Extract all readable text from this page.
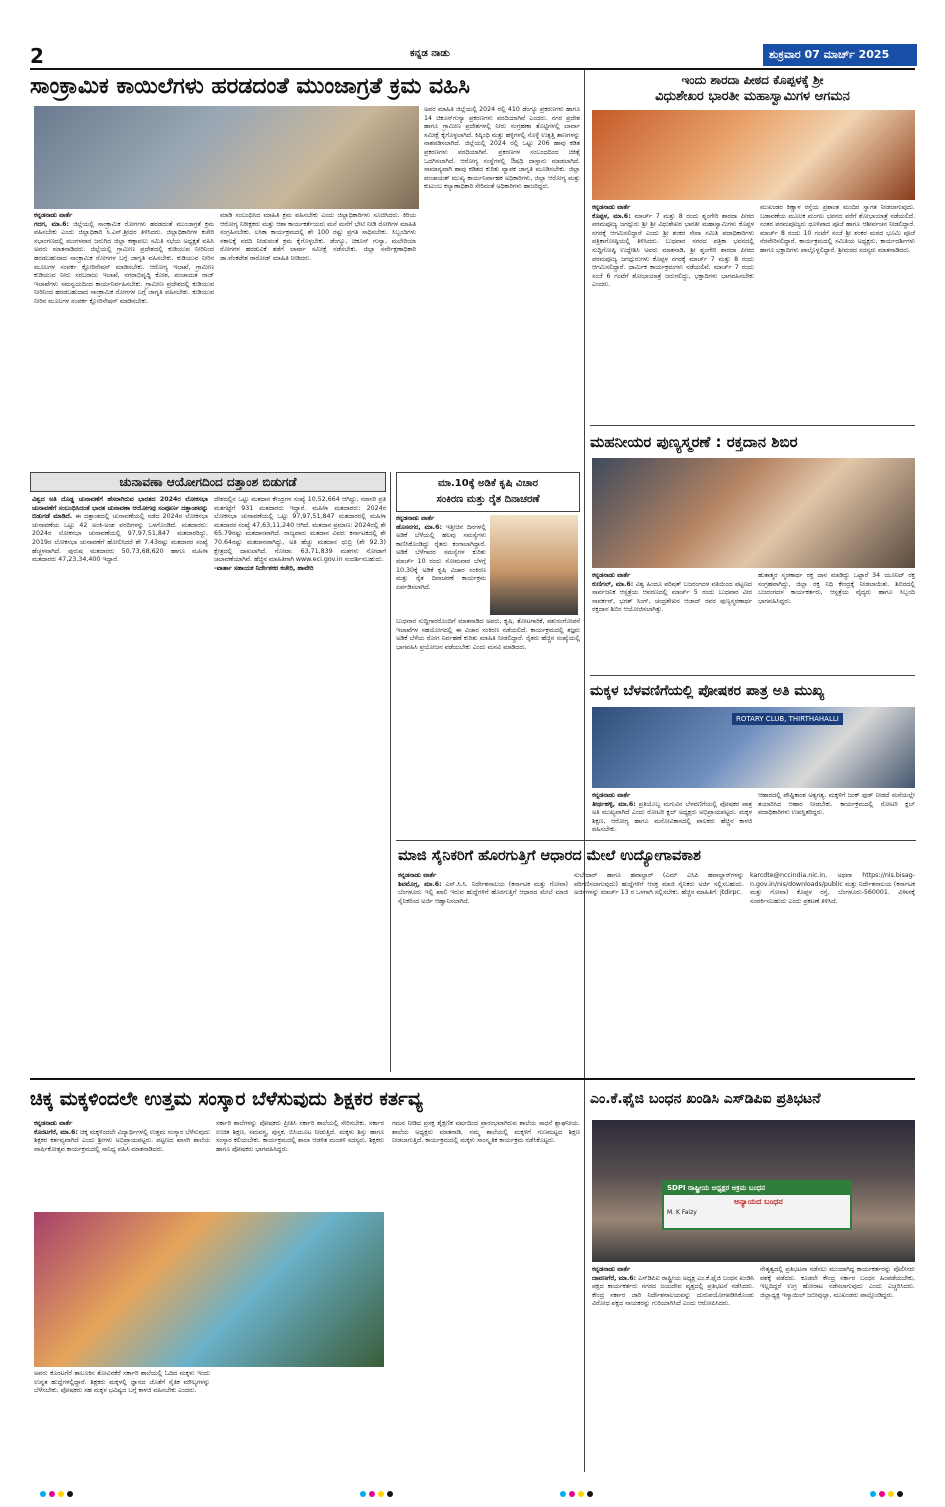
2	ಕನ್ನಡ ನಾಡು	ಶುಕ್ರವಾರ 07 ಮಾರ್ಚ್ 2025
ಸಾಂಕ್ರಾಮಿಕ ಕಾಯಿಲೆಗಳು ಹರಡದಂತೆ ಮುಂಜಾಗ್ರತೆ ಕ್ರಮ ವಹಿಸಿ
ಕನ್ನಡನಾಡು ವಾರ್ತೆ
ಗದಗ, ಮಾ.6: ಜಿಲ್ಲೆಯಲ್ಲಿ ಸಾಂಕ್ರಾಮಿಕ ರೋಗಗಳು ಹರಡದಂತೆ ಮುಂಜಾಗ್ರತೆ ಕ್ರಮ ವಹಿಸಬೇಕು ಎಂದು ಜಿಲ್ಲಾಧಿಕಾರಿ ಸಿ.ಎನ್.ಶ್ರೀಧರ ತಿಳಿಸಿದರು. ಜಿಲ್ಲಾಧಿಕಾರಿಗಳ ಕಚೇರಿ ಸಭಾಂಗಣದಲ್ಲಿ ಮಂಗಳವಾರ ಜರುಗಿದ ಜಿಲ್ಲಾ ಕಣ್ಗಾವಲು ಸಮಿತಿ ಸಭೆಯ ಅಧ್ಯಕ್ಷತೆ ವಹಿಸಿ ಅವರು ಮಾತನಾಡಿದರು. ಜಿಲ್ಲೆಯಲ್ಲಿ ಗ್ರಾಮೀಣ ಪ್ರದೇಶದಲ್ಲಿ ಕುಡಿಯುವ ನೀರಿನಿಂದ ಹರಡಬಹುದಾದ ಸಾಂಕ್ರಾಮಿಕ ರೋಗಗಳ ಬಗ್ಗೆ ಜಾಗೃತಿ ವಹಿಸಬೇಕು. ಕುಡಿಯುವ ನೀರಿನ ಮೂಲಗಳ ಸಂಪರ್ಕ ಕ್ಲೋರಿನೇಷನ್ ಮಾಡಿಸಬೇಕು. ಆರೋಗ್ಯ ಇಲಾಖೆ, ಗ್ರಾಮೀಣ ಕುಡಿಯುವ ನೀರು ಸರಬರಾಜು ಇಲಾಖೆ, ನಗರಾಭಿವೃದ್ಧಿ ಕೋಶ, ಪಂಚಾಯತ ರಾಜ್ ಇಲಾಖೆಗಳು ಸಮನ್ವಯದಿಂದ ಕಾರ್ಯನಿರ್ವಹಿಸಬೇಕು. ಗ್ರಾಮೀಣ ಪ್ರದೇಶದಲ್ಲಿ ಕುಡಿಯುವ ನೀರಿನಿಂದ ಹರಡಬಹುದಾದ ಸಾಂಕ್ರಾಮಿಕ ರೋಗಗಳ ಬಗ್ಗೆ ಜಾಗೃತಿ ವಹಿಸಬೇಕು. ಕುಡಿಯುವ ನೀರಿನ ಮೂಲಗಳ ಸಂಪರ್ಕ ಕ್ಲೋರಿನೇಷನ್ ಮಾಡಿಸಬೇಕು.
ಮಾಡಿ ಸಂಬಂಧಿಸಿದ ಮಾಹಿತಿ ಕ್ರಮ ವಹಿಸಬೇಕು ಎಂದು ಜಿಲ್ಲಾಧಿಕಾರಿಗಳು ಸೂಚಿಸಿದರು. ಕಿರಿಯ ಆರೋಗ್ಯ ನಿರೀಕ್ಷಕರು ಮತ್ತು ಆಶಾ ಕಾರ್ಯಕರ್ತೆಯರು ಮನೆ ಮನೆಗೆ ಭೇಟಿ ನೀಡಿ ರೋಗಿಗಳ ಮಾಹಿತಿ ಸಂಗ್ರಹಿಸಬೇಕು. ಲಸಿಕಾ ಕಾರ್ಯಕ್ರಮದಲ್ಲಿ ಶೇ 100 ರಷ್ಟು ಪ್ರಗತಿ ಸಾಧಿಸಬೇಕು. ಸಿಬ್ಬಂದಿಗಳು ಸಕಾಲಕ್ಕೆ ವರದಿ ನೀಡುವಂತೆ ಕ್ರಮ ಕೈಗೊಳ್ಳಬೇಕು. ಡೆಂಗ್ಯೂ, ಚಿಕೂನ್ ಗುನ್ಯಾ, ಮಲೇರಿಯಾ ರೋಗಗಳ ಹರಡುವಿಕೆ ತಡೆಗೆ ಲಾರ್ವಾ ಸಮೀಕ್ಷೆ ನಡೆಸಬೇಕು. ಜಿಲ್ಲಾ ಸರ್ವೇಕ್ಷಣಾಧಿಕಾರಿ ಡಾ.ವೆಂಕಟೇಶ ರಾಠೋಡ್ ಮಾಹಿತಿ ನೀಡಿದರು.
ಅವರ ಮಾಹಿತಿ ಜಿಲ್ಲೆಯಲ್ಲಿ 2024 ರಲ್ಲಿ 410 ಡೆಂಗ್ಯೂ ಪ್ರಕರಣಗಳು ಹಾಗೂ 14 ಚಿಕೂನ್‌ಗುನ್ಯಾ ಪ್ರಕರಣಗಳು ವರದಿಯಾಗಿವೆ ಎಂದರು. ನಗರ ಪ್ರದೇಶ ಹಾಗೂ ಗ್ರಾಮೀಣ ಪ್ರದೇಶಗಳಲ್ಲಿ ನೀರು ಸಂಗ್ರಹಣಾ ತೊಟ್ಟಿಗಳಲ್ಲಿ ಲಾರ್ವಾ ಸಮೀಕ್ಷೆ ಕೈಗೊಳ್ಳಲಾಗಿದೆ. ಕಿಷ್ಕಿಂಧಿ ಮತ್ತು ಹಳ್ಳಿಗಳಲ್ಲಿ ಸೊಳ್ಳೆ ಉತ್ಪತ್ತಿ ತಾಣಗಳನ್ನು ನಾಶಪಡಿಸಲಾಗಿದೆ. ಜಿಲ್ಲೆಯಲ್ಲಿ 2024 ರಲ್ಲಿ ಒಟ್ಟು 206 ಹಾವು ಕಡಿತ ಪ್ರಕರಣಗಳು ವರದಿಯಾಗಿವೆ. ಪ್ರಕರಣಗಳ ಸಂಬಂಧದಿಂದ ಚಿಕಿತ್ಸೆ ಒದಗಿಸಲಾಗಿದೆ. ಆರೋಗ್ಯ ಸಂಸ್ಥೆಗಳಲ್ಲಿ ಔಷಧಿ ದಾಸ್ತಾನು ಮಾಡಲಾಗಿದೆ. ಸಾಮಾನ್ಯವಾಗಿ ಹಾವು ಕಡಿತದ ಕುರಿತು ವ್ಯಾಪಕ ಜಾಗೃತಿ ಮೂಡಿಸಬೇಕು. ಜಿಲ್ಲಾ ಪಂಚಾಯತ್ ಮುಖ್ಯ ಕಾರ್ಯನಿರ್ವಾಹಕ ಅಧಿಕಾರಿಗಳು, ಜಿಲ್ಲಾ ಆರೋಗ್ಯ ಮತ್ತು ಕುಟುಂಬ ಕಲ್ಯಾಣಾಧಿಕಾರಿ ಸೇರಿದಂತೆ ಅಧಿಕಾರಿಗಳು ಹಾಜರಿದ್ದರು.
ಇಂದು ಶಾರದಾ ಪೀಠದ ಕೊಪ್ಪಳಕ್ಕೆ ಶ್ರೀ
ವಿಧುಶೇಖರ ಭಾರತೀ ಮಹಾಸ್ವಾಮಿಗಳ ಆಗಮನ
ಕನ್ನಡನಾಡು ವಾರ್ತೆ
ಕೊಪ್ಪಳ, ಮಾ.6: ಮಾರ್ಚ್ 7 ಮತ್ತು 8 ರಂದು ಶೃಂಗೇರಿ ಶಾರದಾ ಪೀಠದ ಪರಮಪೂಜ್ಯ ಜಗದ್ಗುರು ಶ್ರೀ ಶ್ರೀ ವಿಧುಶೇಖರ ಭಾರತೀ ಮಹಾಸ್ವಾಮಿಗಳು ಕೊಪ್ಪಳ ನಗರಕ್ಕೆ ಆಗಮಿಸಲಿದ್ದಾರೆ ಎಂದು ಶ್ರೀ ಶಂಕರ ಸೇವಾ ಸಮಿತಿ ಪದಾಧಿಕಾರಿಗಳು ಪತ್ರಿಕಾಗೋಷ್ಠಿಯಲ್ಲಿ ತಿಳಿಸಿದರು. ಬುಧವಾರ ನಗರದ ಪತ್ರಿಕಾ ಭವನದಲ್ಲಿ ಸುದ್ದಿಗೋಷ್ಠಿ ಉದ್ದೇಶಿಸಿ ಅವರು ಮಾತನಾಡಿ, ಶ್ರೀ ಶೃಂಗೇರಿ ಶಾರದಾ ಪೀಠದ ಪರಮಪೂಜ್ಯ ಜಗದ್ಗುರುಗಳು ಕೊಪ್ಪಳ ನಗರಕ್ಕೆ ಮಾರ್ಚ್ 7 ಮತ್ತು 8 ರಂದು ಆಗಮಿಸಲಿದ್ದಾರೆ. ಧಾರ್ಮಿಕ ಕಾರ್ಯಕ್ರಮಗಳು ನಡೆಯಲಿವೆ. ಮಾರ್ಚ್ 7 ರಂದು ಸಂಜೆ 6 ಗಂಟೆಗೆ ಶೋಭಾಯಾತ್ರೆ ಜರುಗಲಿದ್ದು, ಭಕ್ತಾದಿಗಳು ಭಾಗವಹಿಸಬೇಕು ಎಂದರು.
ಮುಖಂಡರ ಕಿಣ್ಣಾಳ ರಸ್ತೆಯ ಪ್ರಶಾಂತ ಮಂದಿರ ಸ್ವಾಗತ ನೀಡಲಾಗುವುದು. ಬಡಾವಣೆಯ ಮೂಲಕ ಮಂಗಲ ಭವನದ ವರೆಗೆ ಶೋಭಾಯಾತ್ರೆ ನಡೆಯಲಿದೆ. ನಂತರ ಪರಮಪೂಜ್ಯರು ಧೂಳಿಪಾದ ಪೂಜೆ ಹಾಗೂ ಆಶೀರ್ವಚನ ನೀಡಲಿದ್ದಾರೆ. ಮಾರ್ಚ್ 8 ರಂದು 10 ಗಂಟೆಗೆ ಸಂಜೆ ಶ್ರೀ ಶಂಕರ ಮಠದ ಭೂಮಿ ಪೂಜೆ ನೆರವೇರಿಸಲಿದ್ದಾರೆ. ಕಾರ್ಯಕ್ರಮದಲ್ಲಿ ಸಮಿತಿಯ ಅಧ್ಯಕ್ಷರು, ಕಾರ್ಯದರ್ಶಿಗಳು ಹಾಗೂ ಭಕ್ತಾದಿಗಳು ಪಾಲ್ಗೊಳ್ಳಲಿದ್ದಾರೆ. ಶ್ರೀಮಠದ ಸದಸ್ಯರು ಮಾತನಾಡಿದರು.
ಮಹನೀಯರ ಪುಣ್ಯಸ್ಮರಣೆ : ರಕ್ತದಾನ ಶಿಬಿರ
ಕನ್ನಡನಾಡು ವಾರ್ತೆ
ಕುಣಿಗಲ್, ಮಾ.6: ವಿಶ್ವ ಹಿಂದೂ ಪರಿಷತ್ ಬಜರಂಗದಳ ವತಿಯಿಂದ ಪಟ್ಟಣದ ಸಾರ್ವಜನಿಕ ಆಸ್ಪತ್ರೆಯ ಆವರಣದಲ್ಲಿ ಮಾರ್ಚ್ 5 ರಂದು ಬುಧವಾರ ವೀರ ಸಾವರ್ಕರ್, ಭಗತ್ ಸಿಂಗ್, ಚಂದ್ರಶೇಖರ ಆಜಾದ್ ರವರ ಪುಣ್ಯಸ್ಮರಣಾರ್ಥ ರಕ್ತದಾನ ಶಿಬಿರ ಆಯೋಜಿಸಲಾಗಿತ್ತು.
ಹುತಾತ್ಮರ ಸ್ಮರಣಾರ್ಥ ರಕ್ತ ದಾನ ಮಾಡಿದ್ದು ಒಟ್ಟಾರೆ 34 ಯೂನಿಟ್ ರಕ್ತ ಸಂಗ್ರಹವಾಗಿದ್ದು, ಜಿಲ್ಲಾ ರಕ್ತ ನಿಧಿ ಕೇಂದ್ರಕ್ಕೆ ನೀಡಲಾಯಿತು. ಶಿಬಿರದಲ್ಲಿ ಬಜರಂಗದಳ ಕಾರ್ಯಕರ್ತರು, ಆಸ್ಪತ್ರೆಯ ವೈದ್ಯರು ಹಾಗೂ ಸಿಬ್ಬಂದಿ ಭಾಗವಹಿಸಿದ್ದರು.
ಮಕ್ಕಳ ಬೆಳವಣಿಗೆಯಲ್ಲಿ ಪೋಷಕರ ಪಾತ್ರ ಅತಿ ಮುಖ್ಯ
ROTARY CLUB, THIRTHAHALLI
ಕನ್ನಡನಾಡು ವಾರ್ತೆ
ತೀರ್ಥಹಳ್ಳಿ, ಮಾ.6: ಪ್ರತಿಯೊಬ್ಬ ಮಗುವಿನ ಬೆಳವಣಿಗೆಯಲ್ಲಿ ಪೋಷಕರ ಪಾತ್ರ ಅತಿ ಮುಖ್ಯವಾಗಿದೆ ಎಂದು ರೋಟರಿ ಕ್ಲಬ್ ಅಧ್ಯಕ್ಷರು ಅಭಿಪ್ರಾಯಪಟ್ಟರು. ಮಕ್ಕಳ ಶಿಕ್ಷಣ, ಆರೋಗ್ಯ ಹಾಗೂ ಮನೋವಿಕಾಸದಲ್ಲಿ ಪಾಲಕರು ಹೆಚ್ಚಿನ ಕಾಳಜಿ ವಹಿಸಬೇಕು.
ಆಹಾರದಲ್ಲಿ ಪೌಷ್ಟಿಕಾಂಶ ಅತ್ಯಗತ್ಯ. ಮಕ್ಕಳಿಗೆ ಜಂಕ್ ಫುಡ್ ನೀಡದೆ ಮನೆಯಲ್ಲೇ ತಯಾರಿಸಿದ ಆಹಾರ ನೀಡಬೇಕು. ಕಾರ್ಯಕ್ರಮದಲ್ಲಿ ರೋಟರಿ ಕ್ಲಬ್ ಪದಾಧಿಕಾರಿಗಳು ಉಪಸ್ಥಿತರಿದ್ದರು.
ಚುನಾವಣಾ ಆಯೋಗದಿಂದ ದತ್ತಾಂಶ ಬಿಡುಗಡೆ
ವಿಶ್ವದ ಅತಿ ದೊಡ್ಡ ಚುನಾವಣೆಗೆ ಹೆಸರಾಗಿರುವ ಭಾರತದ 2024ರ ಲೋಕಸಭಾ ಚುನಾವಣೆಗೆ ಸಂಬಂಧಿಸಿದಂತೆ ಭಾರತ ಚುನಾವಣಾ ಆಯೋಗವು ಸಂಪೂರ್ಣ ದತ್ತಾಂಶವನ್ನು ಬಿಡುಗಡೆ ಮಾಡಿದೆ. ಈ ದತ್ತಾಂಶದಲ್ಲಿ ಚುನಾವಣೆಯಲ್ಲಿ ನಡೆದ 2024ರ ಲೋಕಸಭಾ ಚುನಾವಣೆಯ ಒಟ್ಟು 42 ಅಂಕಿ-ಅಂಶ ವರದಿಗಳನ್ನು ಒಳಗೊಂಡಿದೆ. ಮತದಾರರು: 2024ರ ಲೋಕಸಭಾ ಚುನಾವಣೆಯಲ್ಲಿ 97,97,51,847 ಮತದಾರರಿದ್ದು, 2019ರ ಲೋಕಸಭಾ ಚುನಾವಣೆಗೆ ಹೋಲಿಸಿದರೆ ಶೇ 7.43ರಷ್ಟು ಮತದಾರರ ಸಂಖ್ಯೆ ಹೆಚ್ಚಳವಾಗಿದೆ. ಪುರುಷ ಮತದಾರರು 50,73,68,620 ಹಾಗೂ ಮಹಿಳಾ ಮತದಾರರು 47,23,34,400 ಇದ್ದಾರೆ.
ದೇಶದಲ್ಲಿನ ಒಟ್ಟು ಮತದಾನ ಕೇಂದ್ರಗಳ ಸಂಖ್ಯೆ 10,52,664 ಆಗಿದ್ದು, ಸರಾಸರಿ ಪ್ರತಿ ಮತಗಟ್ಟೆಗೆ 931 ಮತದಾರರು ಇದ್ದಾರೆ. ಮಹಿಳಾ ಮತದಾರರು: 2024ರ ಲೋಕಸಭಾ ಚುನಾವಣೆಯಲ್ಲಿ ಒಟ್ಟು 97,97,51,847 ಮತದಾರರಲ್ಲಿ ಮಹಿಳಾ ಮತದಾರರ ಸಂಖ್ಯೆ 47,63,11,240 ಆಗಿದೆ. ಮತದಾನ ಪ್ರಮಾಣ: 2024ರಲ್ಲಿ ಶೇ 65.79ರಷ್ಟು ಮತದಾನವಾಗಿದೆ. ರಾಜ್ಯವಾರು ಮತದಾನ ವಿವರ: ಕರ್ನಾಟಕದಲ್ಲಿ ಶೇ 70.64ರಷ್ಟು ಮತದಾನವಾಗಿದ್ದು, ಅತಿ ಹೆಚ್ಚು ಮತದಾನ ಧುಬ್ರಿ (ಶೇ 92.3) ಕ್ಷೇತ್ರದಲ್ಲಿ ದಾಖಲಾಗಿದೆ. ನೋಟಾ: 63,71,839 ಮತಗಳು ನೋಟಾಗೆ ಚಲಾವಣೆಯಾಗಿವೆ. ಹೆಚ್ಚಿನ ಮಾಹಿತಿಗಾಗಿ www.eci.gov.in ಸಂದರ್ಶಿಸಬಹುದು.
-ವಾರ್ತಾ ಸಹಾಯಕ ನಿರ್ದೇಶಕರ ಕಚೇರಿ, ಹಾವೇರಿ
ಮಾ.10ಕ್ಕೆ ಅಡಿಕೆ ಕೃಷಿ ವಿಚಾರ
ಸಂಕಿರಣ ಮತ್ತು ರೈತ ದಿನಾಚರಣೆ
ಕನ್ನಡನಾಡು ವಾರ್ತೆ
ಹೊಸನಗರ, ಮಾ.6: ಇತ್ತೀಚಿನ ದಿನಗಳಲ್ಲಿ ಅಡಿಕೆ ಬೆಳೆಯಲ್ಲಿ ಹಲವು ಸಮಸ್ಯೆಗಳು ಕಾಣಿಸಿಕೊಂಡಿದ್ದು ರೈತರು ಕಂಗಾಲಾಗಿದ್ದಾರೆ. ಅಡಿಕೆ ಬೆಳೆಗಾರರ ಸಮಸ್ಯೆಗಳ ಕುರಿತು ಮಾರ್ಚ್ 10 ರಂದು ಸೋಮವಾರ ಬೆಳಗ್ಗೆ 10.30ಕ್ಕೆ ಅಡಿಕೆ ಕೃಷಿ ವಿಚಾರ ಸಂಕಿರಣ ಮತ್ತು ರೈತ ದಿನಾಚರಣೆ ಕಾರ್ಯಕ್ರಮ ಏರ್ಪಡಿಸಲಾಗಿದೆ.
ಬುಧವಾರ ಸುದ್ದಿಗಾರರೊಂದಿಗೆ ಮಾತನಾಡಿದ ಅವರು, ಕೃಷಿ, ತೋಟಗಾರಿಕೆ, ಪಶುಸಂಗೋಪನೆ ಇಲಾಖೆಗಳ ಸಹಯೋಗದಲ್ಲಿ ಈ ವಿಚಾರ ಸಂಕಿರಣ ನಡೆಯಲಿದೆ. ಕಾರ್ಯಕ್ರಮದಲ್ಲಿ ತಜ್ಞರು ಅಡಿಕೆ ಬೆಳೆಯ ರೋಗ ನಿರ್ವಹಣೆ ಕುರಿತು ಮಾಹಿತಿ ನೀಡಲಿದ್ದಾರೆ. ರೈತರು ಹೆಚ್ಚಿನ ಸಂಖ್ಯೆಯಲ್ಲಿ ಭಾಗವಹಿಸಿ ಪ್ರಯೋಜನ ಪಡೆಯಬೇಕು ಎಂದು ಮನವಿ ಮಾಡಿದರು.
ಮಾಜಿ ಸೈನಿಕರಿಗೆ ಹೊರಗುತ್ತಿಗೆ ಆಧಾರದ ಮೇಲೆ ಉದ್ಯೋಗಾವಕಾಶ
ಕನ್ನಡನಾಡು ವಾರ್ತೆ
ಶಿವಮೊಗ್ಗ, ಮಾ.6: ಎನ್.ಸಿ.ಸಿ. ನಿರ್ದೇಶನಾಲಯ (ಕರ್ನಾಟಕ ಮತ್ತು ಗೋವಾ) ಬೆಂಗಳೂರು ಇಲ್ಲಿ ಖಾಲಿ ಇರುವ ಹುದ್ದೆಗಳಿಗೆ ಹೊರಗುತ್ತಿಗೆ ಆಧಾರದ ಮೇಲೆ ಮಾಜಿ ಸೈನಿಕರಿಂದ ಅರ್ಜಿ ಆಹ್ವಾನಿಸಲಾಗಿದೆ.
ಸುಬೇದಾರ್ ಹಾಗೂ ಹವಾಲ್ದಾರ್ (ಎಮ್ ಎಸಿಪಿ ಹವಾಲ್ದಾರ್‌ಗಳನ್ನು ಪರಿಗಣಿಸಲಾಗುವುದು) ಹುದ್ದೆಗಳಿಗೆ ಆಸಕ್ತ ಮಾಜಿ ಸೈನಿಕರು ಅರ್ಜಿ ಸಲ್ಲಿಸಬಹುದು. ಅರ್ಜಿಗಳನ್ನು ಮಾರ್ಚ್ 13 ರ ಒಳಗಾಗಿ ಸಲ್ಲಿಸಬೇಕು. ಹೆಚ್ಚಿನ ಮಾಹಿತಿಗೆ: jtdirpc.
karcdte@nccindia.nic.in, ಅಥವಾ https://nis.bisag-n.gov.in/nis/downloads/public ಮತ್ತು ನಿರ್ದೇಶನಾಲಯ (ಕರ್ನಾಟಕ ಮತ್ತು ಗೋವಾ) ಕೊಪ್ಪಳ ರಸ್ತೆ, ಬೆಂಗಳೂರು-560001. ವಿಳಾಸಕ್ಕೆ ಸಂಪರ್ಕಿಸಬಹುದು ಎಂದು ಪ್ರಕಟಣೆ ತಿಳಿಸಿದೆ.
ಚಿಕ್ಕ ಮಕ್ಕಳಿಂದಲೇ ಉತ್ತಮ ಸಂಸ್ಕಾರ ಬೆಳೆಸುವುದು ಶಿಕ್ಷಕರ ಕರ್ತವ್ಯ
ಕನ್ನಡನಾಡು ವಾರ್ತೆ
ಕೊರಟಗೆರೆ, ಮಾ.6: ಚಿಕ್ಕ ಮಕ್ಕಳಿಂದಲೇ ವಿದ್ಯಾರ್ಥಿಗಳಲ್ಲಿ ಉತ್ತಮ ಸಂಸ್ಕಾರ ಬೆಳೆಸುವುದು ಶಿಕ್ಷಕರ ಕರ್ತವ್ಯವಾಗಿದೆ ಎಂದು ಶ್ರೀಗಳು ಅಭಿಪ್ರಾಯಪಟ್ಟರು. ಪಟ್ಟಣದ ಖಾಸಗಿ ಶಾಲೆಯ ವಾರ್ಷಿಕೋತ್ಸವ ಕಾರ್ಯಕ್ರಮದಲ್ಲಿ ಸಾನಿಧ್ಯ ವಹಿಸಿ ಮಾತನಾಡಿದರು.
ಅವರು ಕೊರಟಗೆರೆ ತಾಲೂಕಿನ ತೋವಿನಕೆರೆ ಸರ್ಕಾರಿ ಶಾಲೆಯಲ್ಲಿ ಓದಿದ ಮಕ್ಕಳು ಇಂದು ಉನ್ನತ ಹುದ್ದೆಗಳಲ್ಲಿದ್ದಾರೆ. ಶಿಕ್ಷಕರು ಮಕ್ಕಳಲ್ಲಿ ಜ್ಞಾನದ ಜೊತೆಗೆ ನೈತಿಕ ಮೌಲ್ಯಗಳನ್ನು ಬೆಳೆಸಬೇಕು. ಪೋಷಕರು ಸಹ ಮಕ್ಕಳ ಭವಿಷ್ಯದ ಬಗ್ಗೆ ಕಾಳಜಿ ವಹಿಸಬೇಕು ಎಂದರು.
ಸರ್ಕಾರಿ ಶಾಲೆಗಳನ್ನು ಪೋಷಕರು ಪ್ರೀತಿಸಿ ಸರ್ಕಾರಿ ಶಾಲೆಯಲ್ಲಿ ಸೇರಿಸಬೇಕು. ಸರ್ಕಾರ ಉಚಿತ ಶಿಕ್ಷಣ, ಸಮವಸ್ತ್ರ, ಪುಸ್ತಕ, ಬಿಸಿಯೂಟ ನೀಡುತ್ತಿದೆ. ಮಕ್ಕಳು ಶಿಸ್ತು ಹಾಗೂ ಸಂಸ್ಕಾರ ಕಲಿಯಬೇಕು. ಕಾರ್ಯಕ್ರಮದಲ್ಲಿ ಶಾಲಾ ಆಡಳಿತ ಮಂಡಳಿ ಸದಸ್ಯರು, ಶಿಕ್ಷಕರು ಹಾಗೂ ಪೋಷಕರು ಭಾಗವಹಿಸಿದ್ದರು.
ಗಮನ ನೀಡಿದ ಪ್ರಸಕ್ತ ಶೈಕ್ಷಣಿಕ ವರ್ಷದಿಂದ ಪ್ರಾರಂಭವಾಗಿರುವ ಶಾಲೆಯ ಸಾಧನೆ ಶ್ಲಾಘನೀಯ. ಶಾಲೆಯ ಅಧ್ಯಕ್ಷರು ಮಾತನಾಡಿ, ನಮ್ಮ ಶಾಲೆಯಲ್ಲಿ ಮಕ್ಕಳಿಗೆ ಗುಣಮಟ್ಟದ ಶಿಕ್ಷಣ ನೀಡಲಾಗುತ್ತಿದೆ. ಕಾರ್ಯಕ್ರಮದಲ್ಲಿ ಮಕ್ಕಳು ಸಾಂಸ್ಕೃತಿಕ ಕಾರ್ಯಕ್ರಮ ನಡೆಸಿಕೊಟ್ಟರು.
ಎಂ.ಕೆ.ಫೈಜಿ ಬಂಧನ ಖಂಡಿಸಿ ಎಸ್‌ಡಿಪಿಐ ಪ್ರತಿಭಟನೆ
SDPI ರಾಷ್ಟ್ರೀಯ ಅಧ್ಯಕ್ಷರ ಅಕ್ರಮ ಬಂಧನ
ಅನ್ಯಾಯದ ಬಂಧನ
M. K Faizy
ಕನ್ನಡನಾಡು ವಾರ್ತೆ
ದಾವಣಗೆರೆ, ಮಾ.6: ಎಸ್‌ಡಿಪಿಐ ರಾಷ್ಟ್ರೀಯ ಅಧ್ಯಕ್ಷ ಎಂ.ಕೆ.ಫೈಜಿ ಬಂಧನ ಖಂಡಿಸಿ ಪಕ್ಷದ ಕಾರ್ಯಕರ್ತರು ನಗರದ ಜಯದೇವ ವೃತ್ತದಲ್ಲಿ ಪ್ರತಿಭಟನೆ ನಡೆಸಿದರು. ಕೇಂದ್ರ ಸರ್ಕಾರ ಜಾರಿ ನಿರ್ದೇಶನಾಲಯವನ್ನು ದುರುಪಯೋಗಪಡಿಸಿಕೊಂಡು ವಿರೋಧ ಪಕ್ಷದ ನಾಯಕರನ್ನು ಗುರಿಯಾಗಿಸಿದೆ ಎಂದು ಆರೋಪಿಸಿದರು.
ನೇತೃತ್ವದಲ್ಲಿ ಪ್ರತಿಭಟನಾ ನಡೆಸಲು ಮುಂದಾಗಿದ್ದ ಕಾರ್ಯಕರ್ತರನ್ನು ಪೊಲೀಸರು ವಶಕ್ಕೆ ಪಡೆದರು. ಕೂಡಲೇ ಕೇಂದ್ರ ಸರ್ಕಾರ ಬಂಧನ ಹಿಂಪಡೆಯಬೇಕು, ಇಲ್ಲದಿದ್ದರೆ ಉಗ್ರ ಹೋರಾಟ ನಡೆಸಲಾಗುವುದು ಎಂದು ಎಚ್ಚರಿಸಿದರು. ಜಿಲ್ಲಾಧ್ಯಕ್ಷ ಇಸ್ಮಾಯಿಲ್ ಜಬೀವುಲ್ಲಾ, ಮುಖಂಡರು ಪಾಲ್ಗೊಂಡಿದ್ದರು.
